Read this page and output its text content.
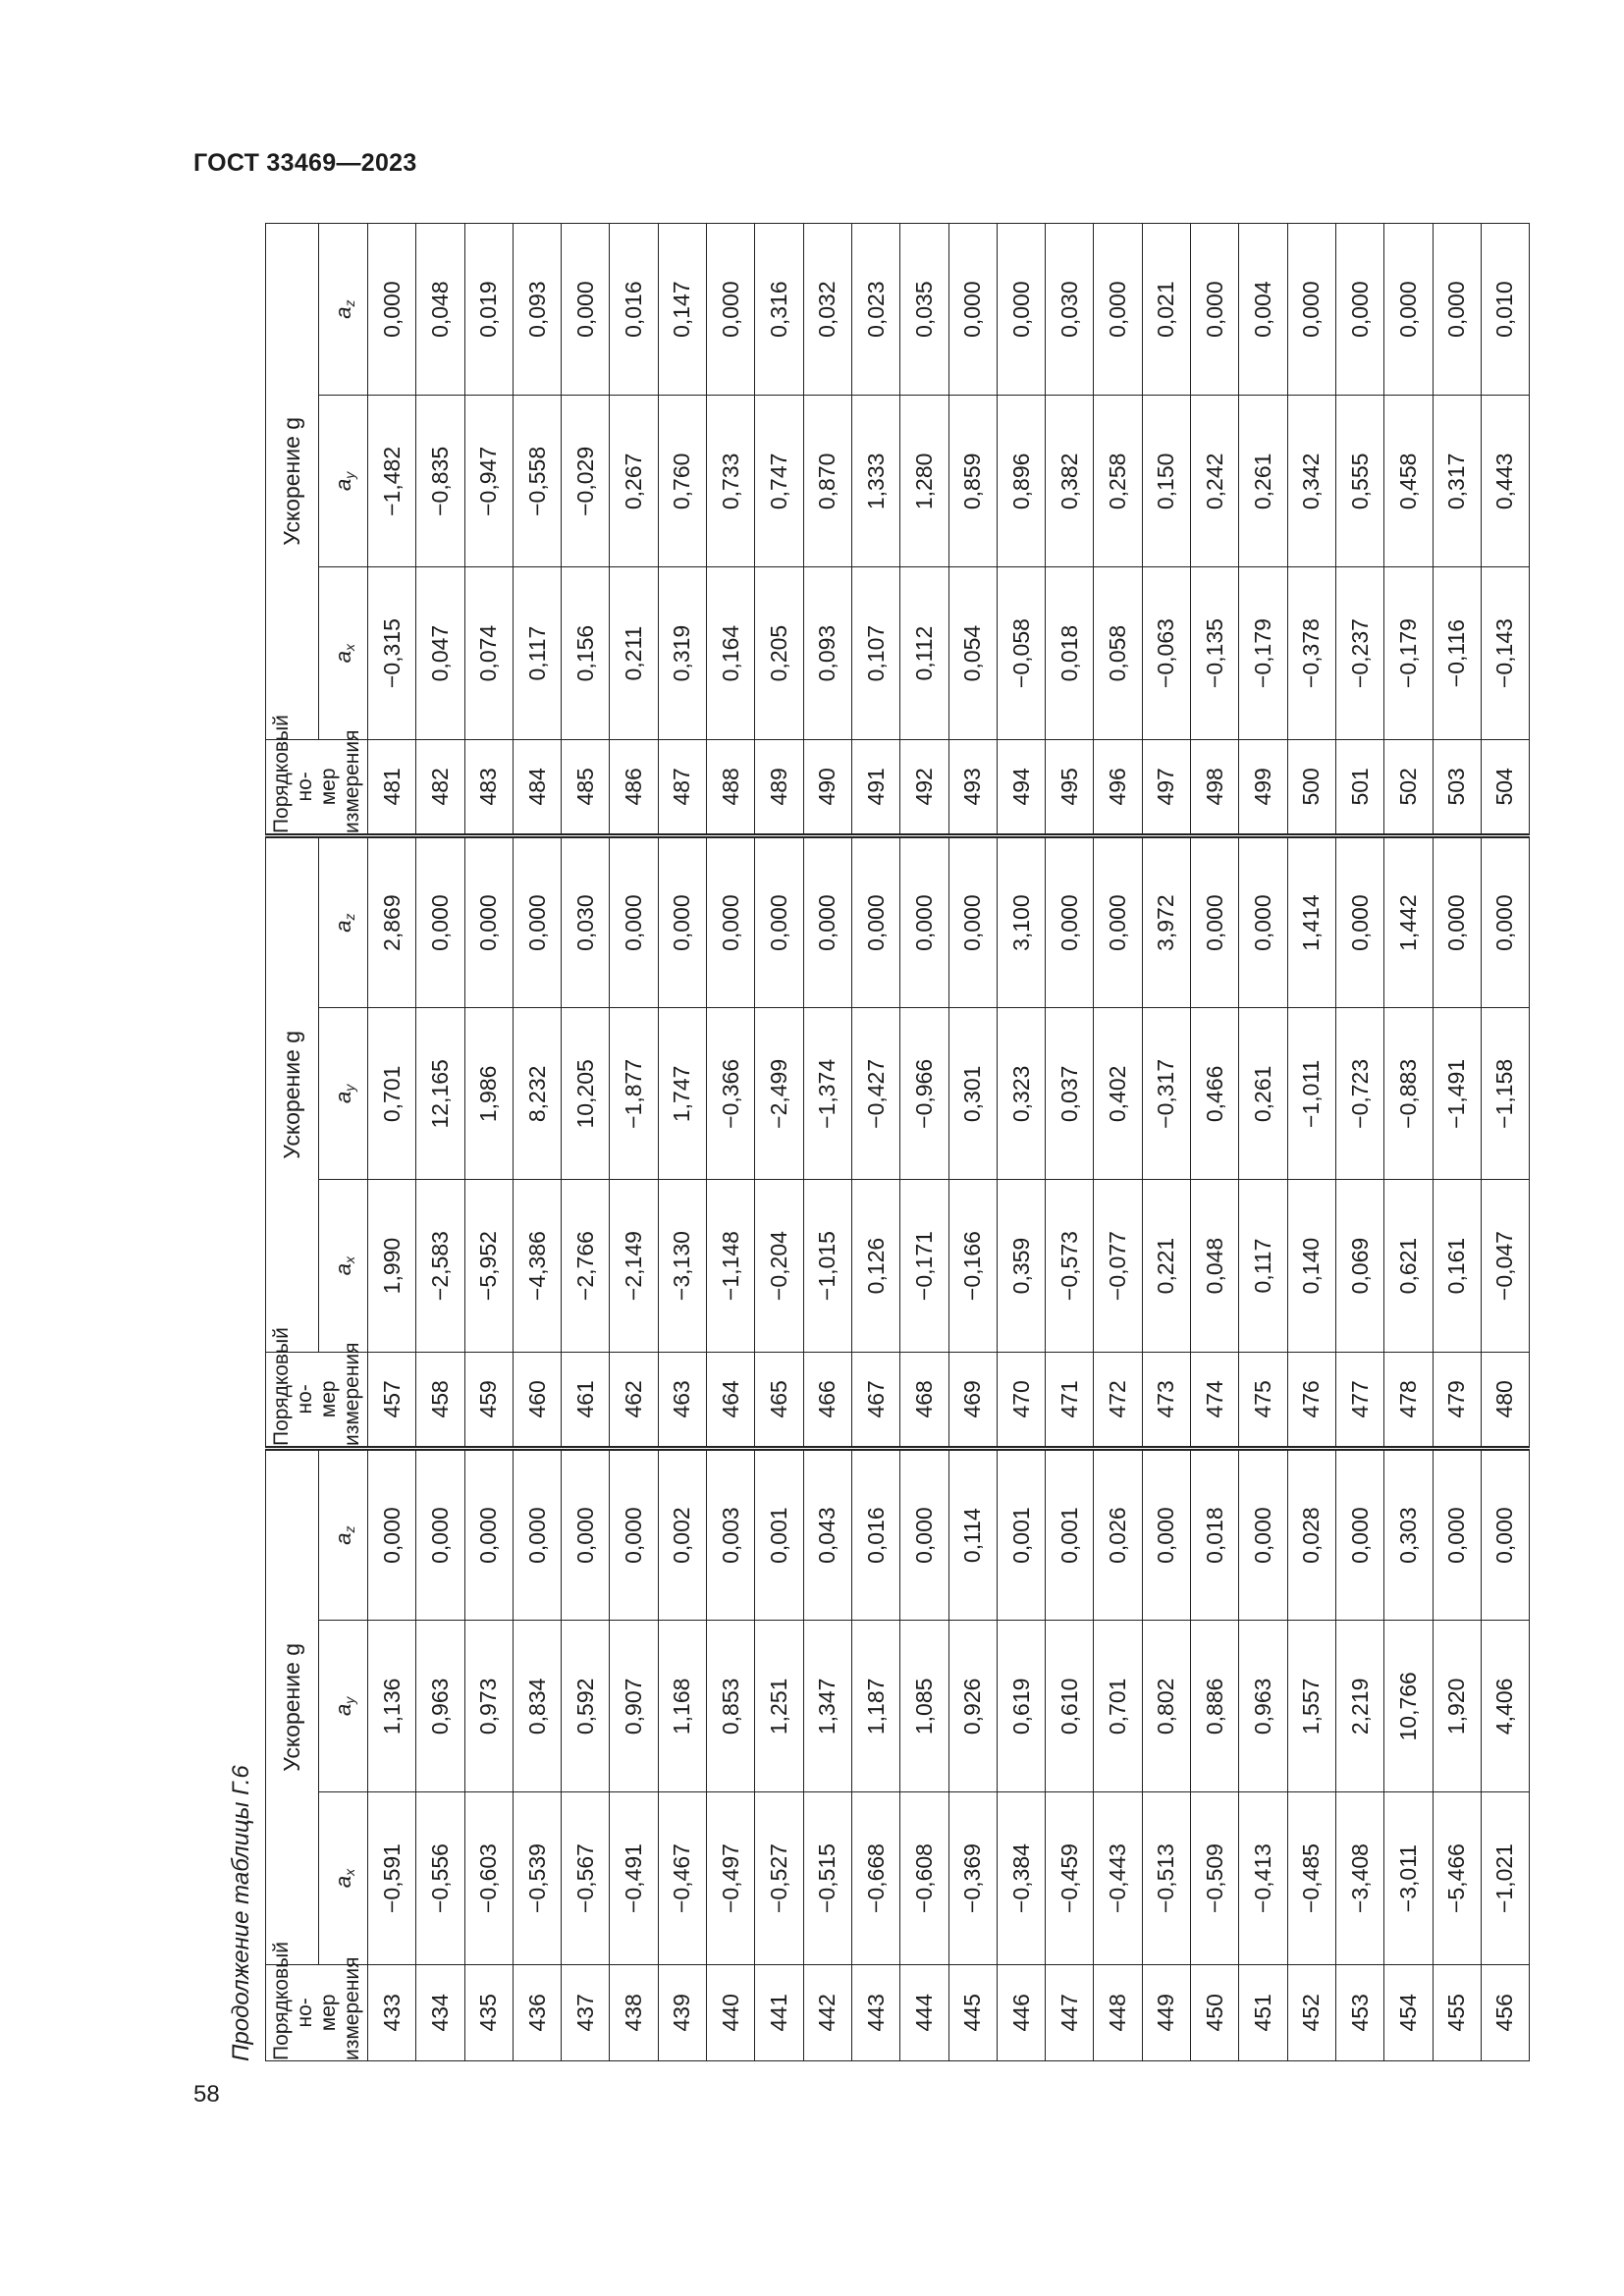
ГОСТ 33469—2023
58
Продолжение таблицы Г.6 Порядковый но-
мер измерения	Ускорение g			Порядковый но-
мер измерения	Ускорение g			Порядковый но-
мер измерения	Ускорение g		
	$a_x$	$a_y$	$a_z$		$a_x$	$a_y$	$a_z$		$a_x$	$a_y$	$a_z$
433	−0,591	1,136	0,000	457	1,990	0,701	2,869	481	−0,315	−1,482	0,000
434	−0,556	0,963	0,000	458	−2,583	12,165	0,000	482	0,047	−0,835	0,048
435	−0,603	0,973	0,000	459	−5,952	1,986	0,000	483	0,074	−0,947	0,019
436	−0,539	0,834	0,000	460	−4,386	8,232	0,000	484	0,117	−0,558	0,093
437	−0,567	0,592	0,000	461	−2,766	10,205	0,030	485	0,156	−0,029	0,000
438	−0,491	0,907	0,000	462	−2,149	−1,877	0,000	486	0,211	0,267	0,016
439	−0,467	1,168	0,002	463	−3,130	1,747	0,000	487	0,319	0,760	0,147
440	−0,497	0,853	0,003	464	−1,148	−0,366	0,000	488	0,164	0,733	0,000
441	−0,527	1,251	0,001	465	−0,204	−2,499	0,000	489	0,205	0,747	0,316
442	−0,515	1,347	0,043	466	−1,015	−1,374	0,000	490	0,093	0,870	0,032
443	−0,668	1,187	0,016	467	0,126	−0,427	0,000	491	0,107	1,333	0,023
444	−0,608	1,085	0,000	468	−0,171	−0,966	0,000	492	0,112	1,280	0,035
445	−0,369	0,926	0,114	469	−0,166	0,301	0,000	493	0,054	0,859	0,000
446	−0,384	0,619	0,001	470	0,359	0,323	3,100	494	−0,058	0,896	0,000
447	−0,459	0,610	0,001	471	−0,573	0,037	0,000	495	0,018	0,382	0,030
448	−0,443	0,701	0,026	472	−0,077	0,402	0,000	496	0,058	0,258	0,000
449	−0,513	0,802	0,000	473	0,221	−0,317	3,972	497	−0,063	0,150	0,021
450	−0,509	0,886	0,018	474	0,048	0,466	0,000	498	−0,135	0,242	0,000
451	−0,413	0,963	0,000	475	0,117	0,261	0,000	499	−0,179	0,261	0,004
452	−0,485	1,557	0,028	476	0,140	−1,011	1,414	500	−0,378	0,342	0,000
453	−3,408	2,219	0,000	477	0,069	−0,723	0,000	501	−0,237	0,555	0,000
454	−3,011	10,766	0,303	478	0,621	−0,883	1,442	502	−0,179	0,458	0,000
455	−5,466	1,920	0,000	479	0,161	−1,491	0,000	503	−0,116	0,317	0,000
456	−1,021	4,406	0,000	480	−0,047	−1,158	0,000	504	−0,143	0,443	0,010
